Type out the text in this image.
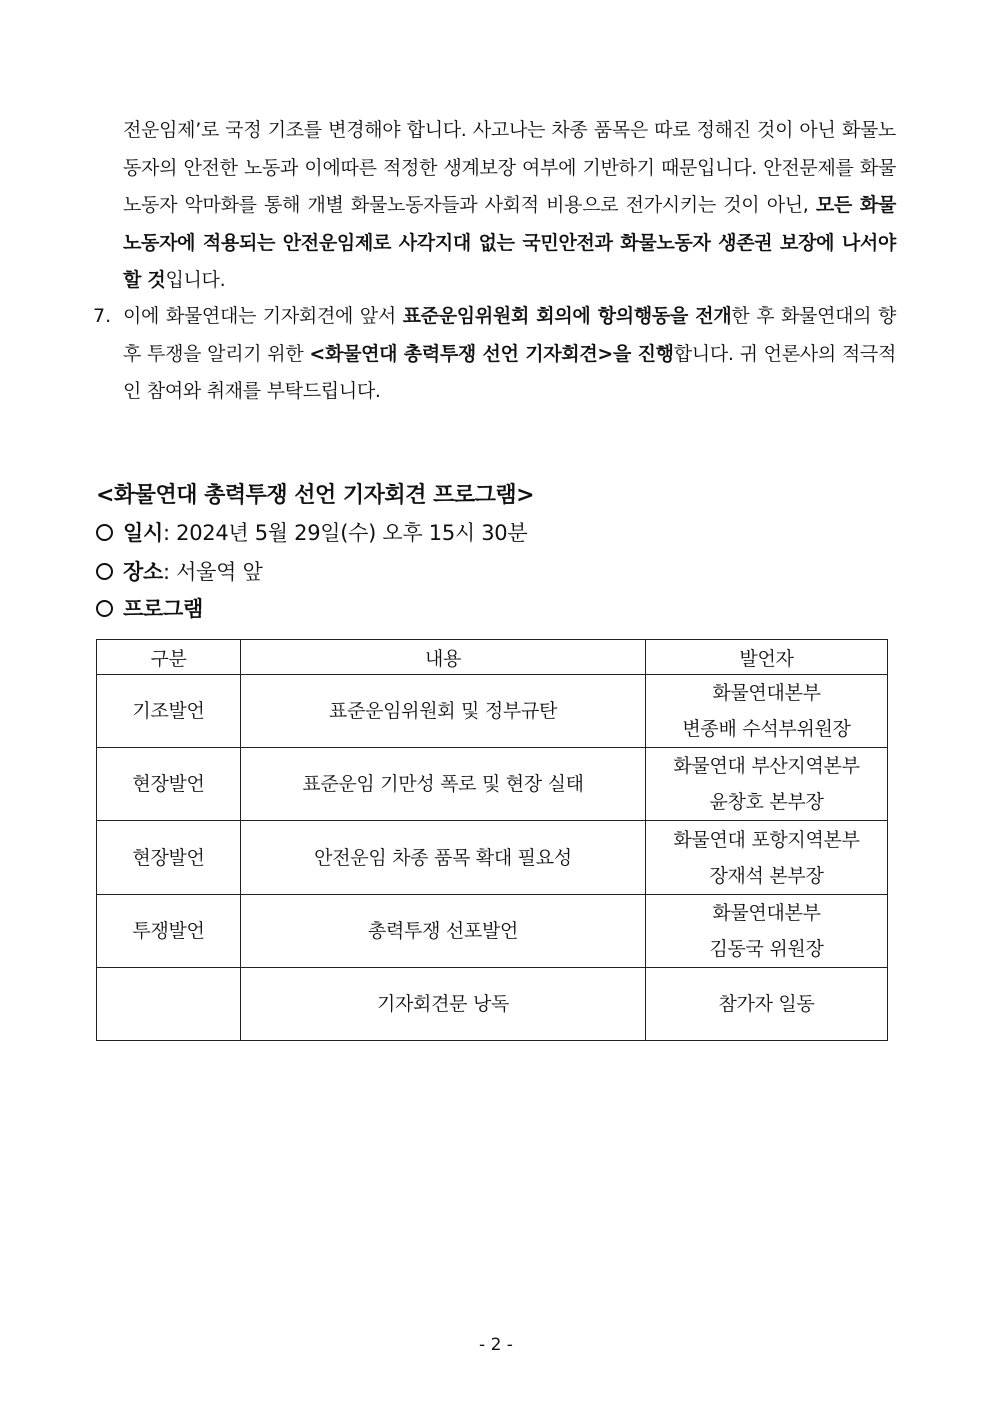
전운임제’로 국정 기조를 변경해야 합니다. 사고나는 차종 품목은 따로 정해진 것이 아닌 화물노동자의 안전한 노동과 이에따른 적정한 생계보장 여부에 기반하기 때문입니다. 안전문제를 화물노동자 악마화를 통해 개별 화물노동자들과 사회적 비용으로 전가시키는 것이 아닌, 모든 화물노동자에 적용되는 안전운임제로 사각지대 없는 국민안전과 화물노동자 생존권 보장에 나서야 할 것입니다.
7. 이에 화물연대는 기자회견에 앞서 표준운임위원회 회의에 항의행동을 전개한 후 화물연대의 향후 투쟁을 알리기 위한 <화물연대 총력투쟁 선언 기자회견>을 진행합니다. 귀 언론사의 적극적인 참여와 취재를 부탁드립니다.
<화물연대 총력투쟁 선언 기자회견 프로그램>
일시 : 2024년 5월 29일(수) 오후 15시 30분
장소 : 서울역 앞
프로그램
구분	내용	발언자
기조발언	표준운임위원회 및 정부규탄	화물연대본부
변종배 수석부위원장

현장발언	표준운임 기만성 폭로 및 현장 실태	화물연대 부산지역본부
윤창호 본부장

현장발언	안전운임 차종 품목 확대 필요성	화물연대 포항지역본부
장재석 본부장

투쟁발언	총력투쟁 선포발언	화물연대본부
김동국 위원장

	기자회견문 낭독	참가자 일동
- 2 -
